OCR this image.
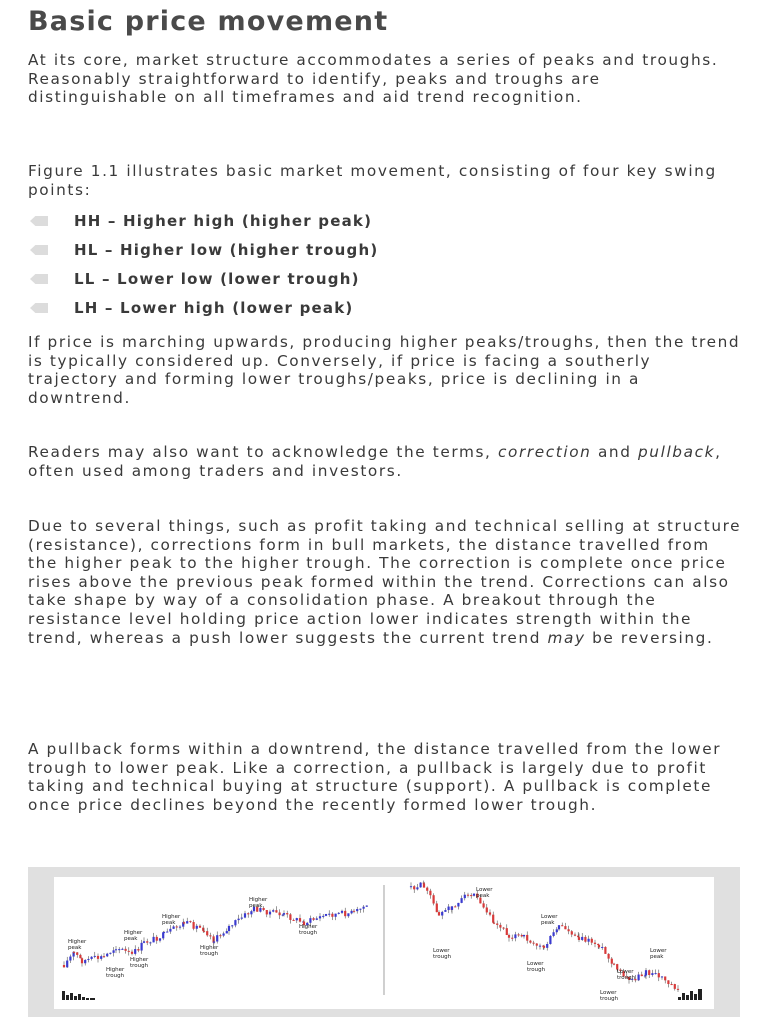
Basic price movement

At its core, market structure accommodates a series of peaks and troughs. Reasonably straightforward to identify, peaks and troughs are distinguishable on all timeframes and aid trend recognition.

Figure 1.1 illustrates basic market movement, consisting of four key swing points:

HH – Higher high (higher peak)
HL – Higher low (higher trough)
LL – Lower low (lower trough)
LH – Lower high (lower peak)

If price is marching upwards, producing higher peaks/troughs, then the trend is typically considered up. Conversely, if price is facing a southerly trajectory and forming lower troughs/peaks, price is declining in a downtrend.

Readers may also want to acknowledge the terms, correction and pullback, often used among traders and investors.

Due to several things, such as profit taking and technical selling at structure (resistance), corrections form in bull markets, the distance travelled from the higher peak to the higher trough. The correction is complete once price rises above the previous peak formed within the trend. Corrections can also take shape by way of a consolidation phase. A breakout through the resistance level holding price action lower indicates strength within the trend, whereas a push lower suggests the current trend may be reversing.

A pullback forms within a downtrend, the distance travelled from the lower trough to lower peak. Like a correction, a pullback is largely due to profit taking and technical buying at structure (support). A pullback is complete once price declines beyond the recently formed lower trough.

Higher peak
Higher peak
Higher peak
Higher peak
Higher trough
Higher trough
Higher trough
Higher trough
Lower peak
Lower peak
Lower peak
Lower trough
Lower trough	Lower trough
Lower trough
